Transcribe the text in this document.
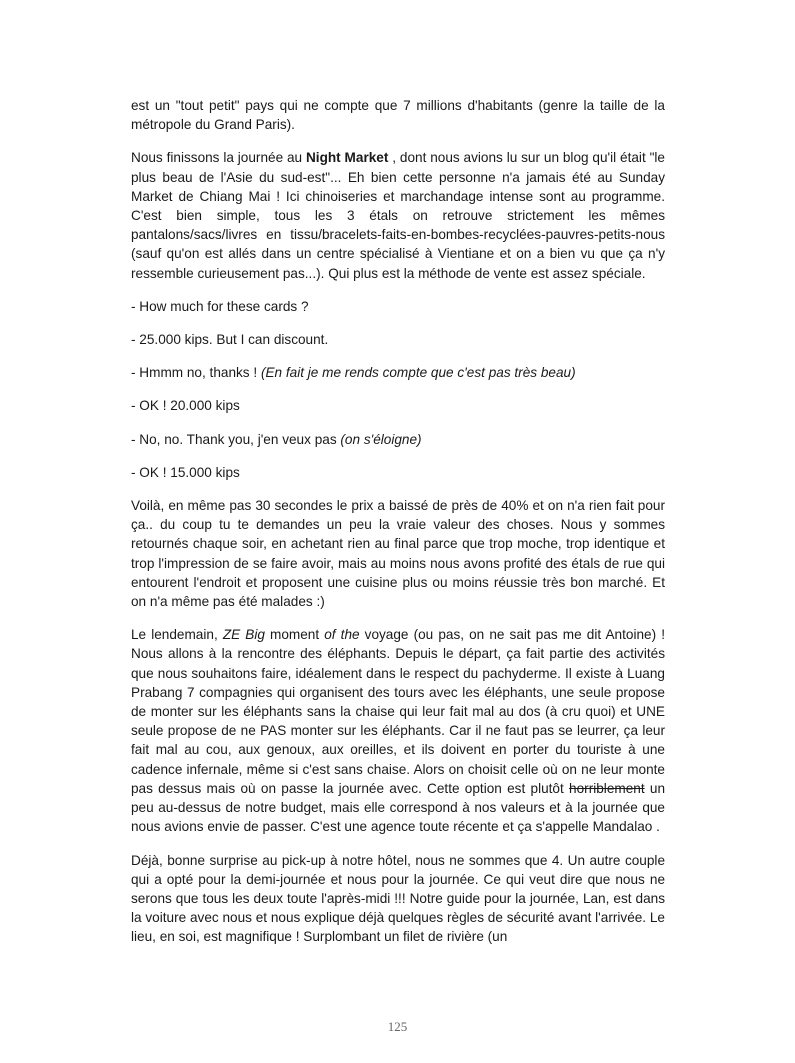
est un "tout petit" pays qui ne compte que 7 millions d'habitants (genre la taille de la métropole du Grand Paris).

Nous finissons la journée au Night Market , dont nous avions lu sur un blog qu'il était "le plus beau de l'Asie du sud-est"... Eh bien cette personne n'a jamais été au Sunday Market de Chiang Mai ! Ici chinoiseries et marchandage intense sont au programme. C'est bien simple, tous les 3 étals on retrouve strictement les mêmes pantalons/sacs/livres en tissu/bracelets-faits-en-bombes-recyclées-pauvres-petits-nous (sauf qu'on est allés dans un centre spécialisé à Vientiane et on a bien vu que ça n'y ressemble curieusement pas...). Qui plus est la méthode de vente est assez spéciale.

- How much for these cards ?

- 25.000 kips. But I can discount.

- Hmmm no, thanks ! (En fait je me rends compte que c'est pas très beau)

- OK ! 20.000 kips

- No, no. Thank you, j'en veux pas (on s'éloigne)

- OK ! 15.000 kips

Voilà, en même pas 30 secondes le prix a baissé de près de 40% et on n'a rien fait pour ça.. du coup tu te demandes un peu la vraie valeur des choses. Nous y sommes retournés chaque soir, en achetant rien au final parce que trop moche, trop identique et trop l'impression de se faire avoir, mais au moins nous avons profité des étals de rue qui entourent l'endroit et proposent une cuisine plus ou moins réussie très bon marché. Et on n'a même pas été malades :)

Le lendemain, ZE Big moment of the voyage (ou pas, on ne sait pas me dit Antoine) ! Nous allons à la rencontre des éléphants. Depuis le départ, ça fait partie des activités que nous souhaitons faire, idéalement dans le respect du pachyderme. Il existe à Luang Prabang 7 compagnies qui organisent des tours avec les éléphants, une seule propose de monter sur les éléphants sans la chaise qui leur fait mal au dos (à cru quoi) et UNE seule propose de ne PAS monter sur les éléphants. Car il ne faut pas se leurrer, ça leur fait mal au cou, aux genoux, aux oreilles, et ils doivent en porter du touriste à une cadence infernale, même si c'est sans chaise. Alors on choisit celle où on ne leur monte pas dessus mais où on passe la journée avec. Cette option est plutôt horriblement un peu au-dessus de notre budget, mais elle correspond à nos valeurs et à la journée que nous avions envie de passer. C'est une agence toute récente et ça s'appelle Mandalao .

Déjà, bonne surprise au pick-up à notre hôtel, nous ne sommes que 4. Un autre couple qui a opté pour la demi-journée et nous pour la journée. Ce qui veut dire que nous ne serons que tous les deux toute l'après-midi !!! Notre guide pour la journée, Lan, est dans la voiture avec nous et nous explique déjà quelques règles de sécurité avant l'arrivée. Le lieu, en soi, est magnifique ! Surplombant un filet de rivière (un

125
